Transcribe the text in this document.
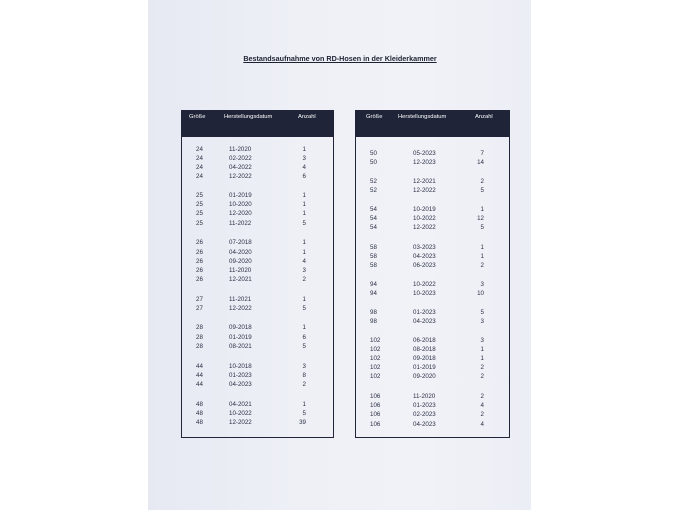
Bestandsaufnahme von RD-Hosen in der Kleiderkammer
Größe	Herstellungsdatum	Anzahl
24	11-2020	1
24	02-2022	3
24	04-2022	4
24	12-2022	6
25	01-2019	1
25	10-2020	1
25	12-2020	1
25	11-2022	5
26	07-2018	1
26	04-2020	1
26	09-2020	4
26	11-2020	3
26	12-2021	2
27	11-2021	1
27	12-2022	5
28	09-2018	1
28	01-2019	6
28	08-2021	5
44	10-2018	3
44	01-2023	8
44	04-2023	2
48	04-2021	1
48	10-2022	5
48	12-2022	39
Größe	Herstellungsdatum	Anzahl
50	05-2023	7
50	12-2023	14
52	12-2021	2
52	12-2022	5
54	10-2019	1
54	10-2022	12
54	12-2022	5
58	03-2023	1
58	04-2023	1
58	06-2023	2
94	10-2022	3
94	10-2023	10
98	01-2023	5
98	04-2023	3
102	06-2018	3
102	08-2018	1
102	09-2018	1
102	01-2019	2
102	09-2020	2
106	11-2020	2
106	01-2023	4
106	02-2023	2
106	04-2023	4
